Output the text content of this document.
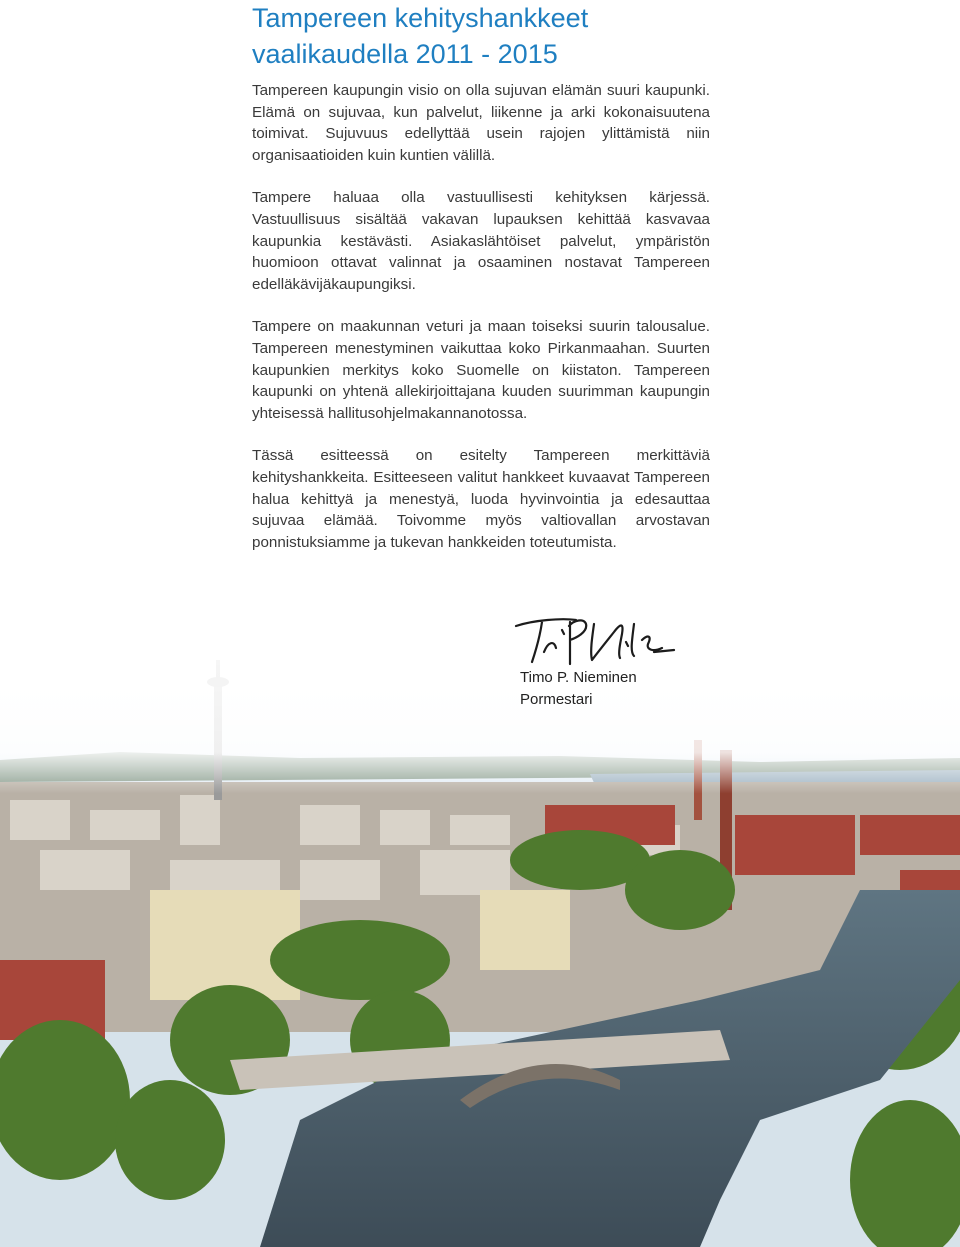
Tampereen kehityshankkeet
vaalikaudella 2011 - 2015

Tampereen kaupungin visio on olla sujuvan elämän suuri kaupunki. Elämä on sujuvaa, kun palvelut, liikenne ja arki kokonaisuutena toimivat. Sujuvuus edellyttää usein rajojen ylittämistä niin organisaatioiden kuin kuntien välillä.

Tampere haluaa olla vastuullisesti kehityksen kärjessä. Vastuullisuus sisältää vakavan lupauksen kehittää kasvavaa kaupunkia kestävästi. Asiakaslähtöiset palvelut, ympäristön huomioon ottavat valinnat ja osaaminen nostavat Tampereen edelläkävijäkaupungiksi.

Tampere on maakunnan veturi ja maan toiseksi suurin talousalue. Tampereen menestyminen vaikuttaa koko Pirkanmaahan. Suurten kaupunkien merkitys koko Suomelle on kiistaton. Tampereen kaupunki on yhtenä allekirjoittajana kuuden suurimman kaupungin yhteisessä hallitusohjelmakannanotossa.

Tässä esitteessä on esitelty Tampereen merkittäviä kehityshankkeita. Esitteeseen valitut hankkeet kuvaavat Tampereen halua kehittyä ja menestyä, luoda hyvinvointia ja edesauttaa sujuvaa elämää. Toivomme myös valtiovallan arvostavan ponnistuksiamme ja tukevan hankkeiden toteutumista.

Timo P. Nieminen
Pormestari
